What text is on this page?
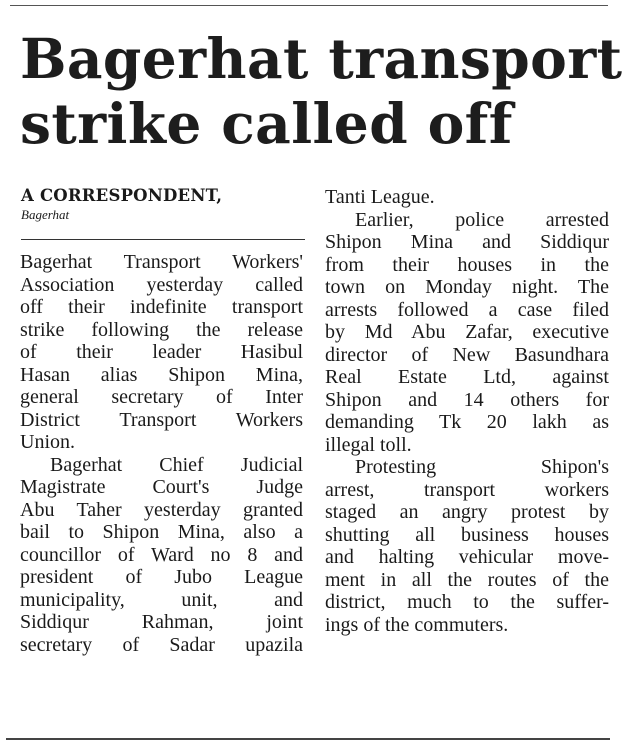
Bagerhat transport
strike called off
A CORRESPONDENT,
Bagerhat
Bagerhat Transport Workers'
Association yesterday called
off their indefinite transport
strike following the release
of their leader Hasibul
Hasan alias Shipon Mina,
general secretary of Inter
District Transport Workers
Union.
Bagerhat Chief Judicial
Magistrate Court's Judge
Abu Taher yesterday granted
bail to Shipon Mina, also a
councillor of Ward no 8 and
president of Jubo League
municipality, unit, and
Siddiqur Rahman, joint
secretary of Sadar upazila
Tanti League.
Earlier, police arrested
Shipon Mina and Siddiqur
from their houses in the
town on Monday night. The
arrests followed a case filed
by Md Abu Zafar, executive
director of New Basundhara
Real Estate Ltd, against
Shipon and 14 others for
demanding Tk 20 lakh as
illegal toll.
Protesting Shipon's
arrest, transport workers
staged an angry protest by
shutting all business houses
and halting vehicular move-
ment in all the routes of the
district, much to the suffer-
ings of the commuters.
